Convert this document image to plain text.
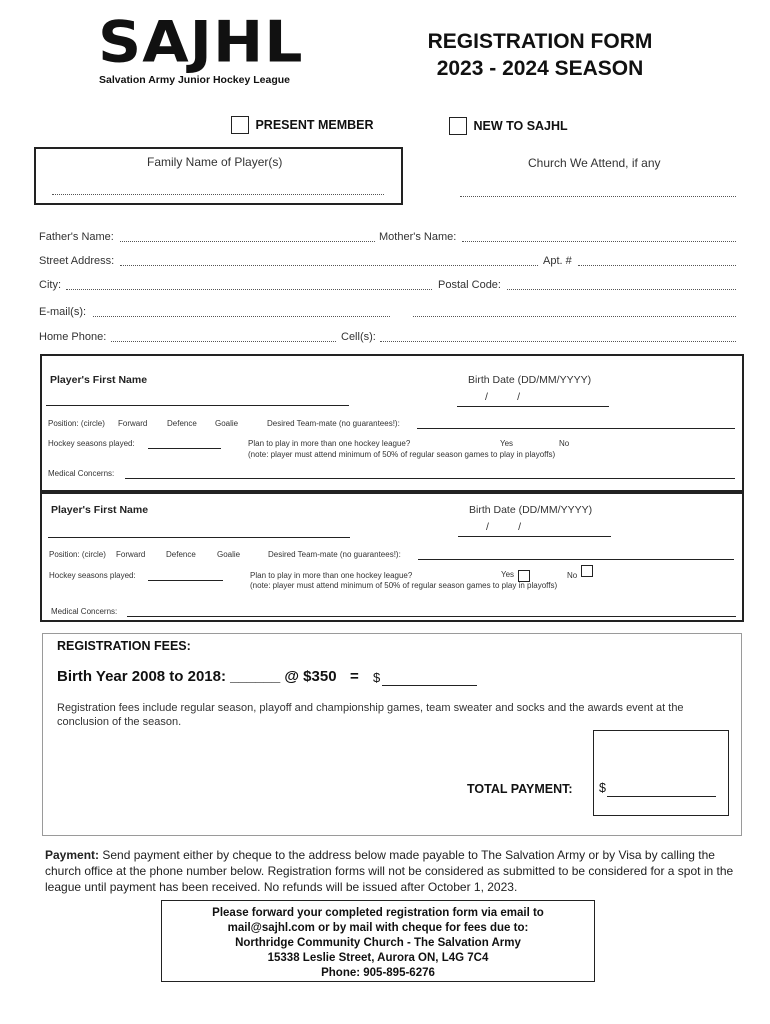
SAJHL
Salvation Army Junior Hockey League
REGISTRATION FORM
2023 - 2024 SEASON
PRESENT MEMBER	NEW TO SAJHL
Family Name of Player(s)	Church We Attend, if any
Father's Name:	Mother's Name:
Street Address:	Apt. #
City:	Postal Code:
E-mail(s):
Home Phone:	Cell(s):
Player's First Name	Birth Date (DD/MM/YYYY)
/          /
Position: (circle) Forward Defence Goalie	Desired Team-mate (no guarantees!):
Hockey seasons played:	Plan to play in more than one hockey league?
(note: player must attend minimum of 50% of regular season games to play in playoffs)
Yes	No
Medical Concerns:
Player's First Name	Birth Date (DD/MM/YYYY)
/          /
Position: (circle) Forward	Defence	Goalie	Desired Team-mate (no guarantees!):
Hockey seasons played:	Plan to play in more than one hockey league?
(note: player must attend minimum of 50% of regular season games to play in playoffs)
Yes	No
Medical Concerns:
REGISTRATION FEES:
Birth Year 2008 to 2018: ______ @ $350 = $
Registration fees include regular season, playoff and championship games, team sweater and socks and the awards event at the conclusion of the season.
TOTAL PAYMENT: $
Payment: Send payment either by cheque to the address below made payable to The Salvation Army or by Visa by calling the church office at the phone number below. Registration forms will not be considered as submitted to be considered for a spot in the league until payment has been received. No refunds will be issued after October 1, 2023.
Please forward your completed registration form via email to
mail@sajhl.com or by mail with cheque for fees due to:
Northridge Community Church - The Salvation Army
15338 Leslie Street, Aurora ON, L4G 7C4
Phone: 905-895-6276
